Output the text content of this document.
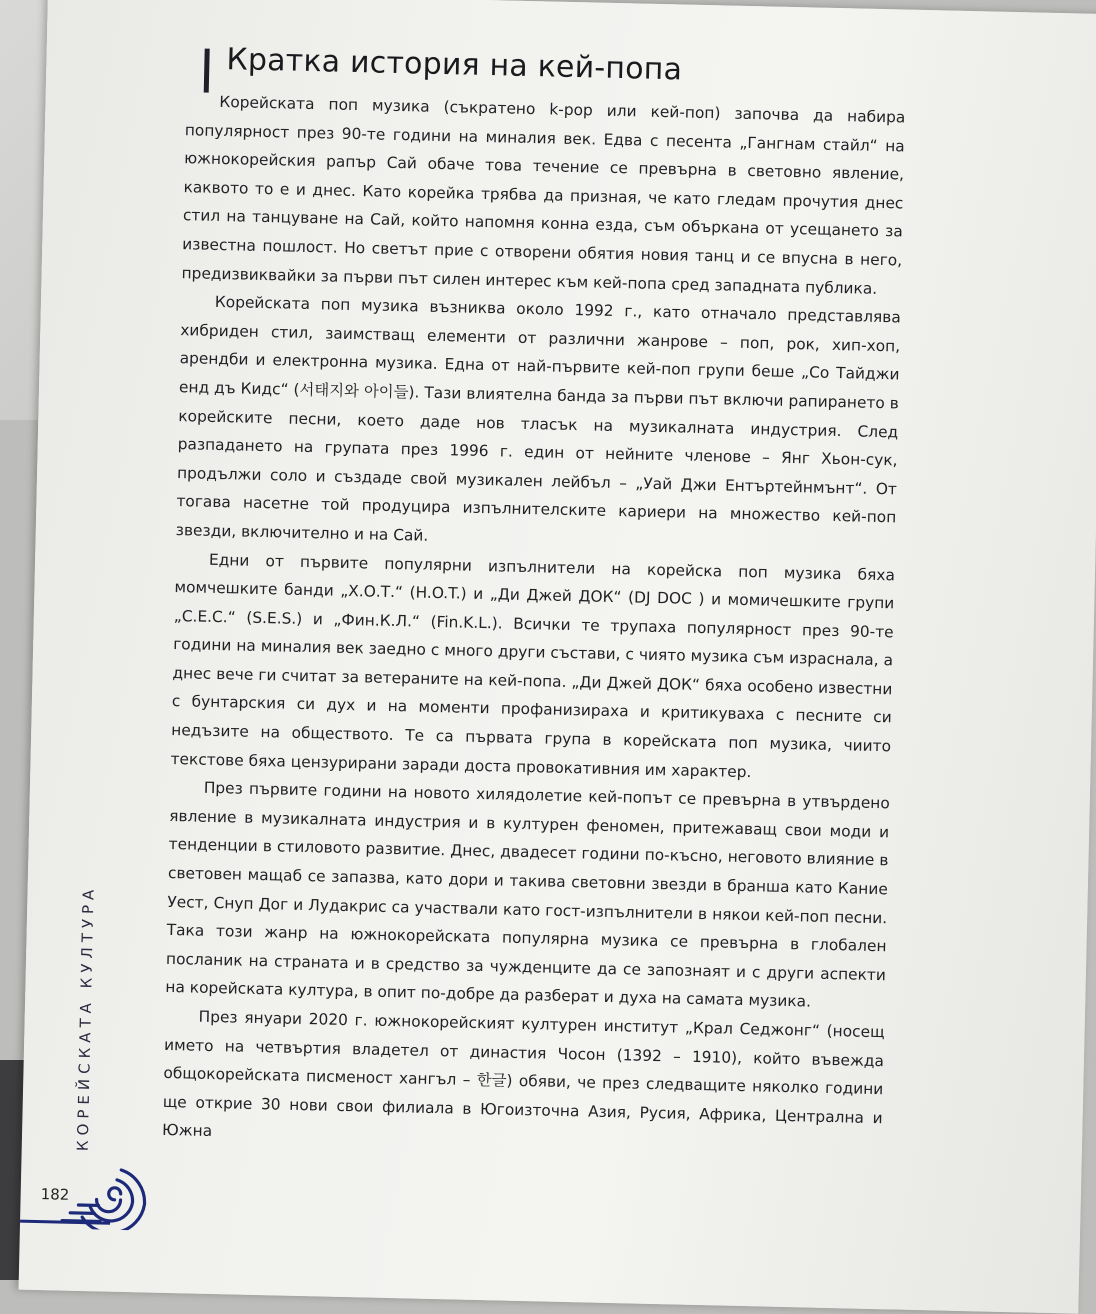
Кратка история на кей-попа

Корейската поп музика (съкратено k-pop или кей-поп) започва да набира популярност през 90-те години на миналия век. Едва с песента „Гангнам стайл“ на южнокорейския рапър Сай обаче това течение се превърна в световно явление, каквото то е и днес. Като корейка трябва да призная, че като гледам прочутия днес стил на танцуване на Сай, който напомня конна езда, съм объркана от усещането за известна пошлост. Но светът прие с отворени обятия новия танц и се впусна в него, предизвиквайки за първи път силен интерес към кей-попа сред западната публика.

Корейската поп музика възниква около 1992 г., като отначало представлява хибриден стил, заимстващ елементи от различни жанрове – поп, рок, хип-хоп, арендби и електронна музика. Една от най-първите кей-поп групи беше „Со Тайджи енд дъ Кидс“ (서태지와 아이들). Тази влиятелна банда за първи път включи рапирането в корейските песни, което даде нов тласък на музикалната индустрия. След разпадането на групата през 1996 г. един от нейните членове – Янг Хьон-сук, продължи соло и създаде свой музикален лейбъл – „Уай Джи Ентъртейнмънт“. От тогава насетне той продуцира изпълнителските кариери на множество кей-поп звезди, включително и на Сай.

Едни от първите популярни изпълнители на корейска поп музика бяха момчешките банди „Х.О.Т.“ (H.O.T.) и „Ди Джей ДОК“ (DJ DOC ) и момичешките групи „С.Е.С.“ (S.E.S.) и „Фин.К.Л.“ (Fin.K.L.). Всички те трупаха популярност през 90-те години на миналия век заедно с много други състави, с чиято музика съм израснала, а днес вече ги считат за ветераните на кей-попа. „Ди Джей ДОК“ бяха особено известни с бунтарския си дух и на моменти профанизираха и критикуваха с песните си недъзите на обществото. Те са първата група в корейската поп музика, чиито текстове бяха цензурирани заради доста провокативния им характер.

През първите години на новото хилядолетие кей-попът се превърна в утвърдено явление в музикалната индустрия и в културен феномен, притежаващ свои моди и тенденции в стиловото развитие. Днес, двадесет години по-късно, неговото влияние в световен мащаб се запазва, като дори и такива световни звезди в бранша като Кание Уест, Снуп Дог и Лудакрис са участвали като гост-изпълнители в някои кей-поп песни. Така този жанр на южнокорейската популярна музика се превърна в глобален посланик на страната и в средство за чужденците да се запознаят и с други аспекти на корейската култура, в опит по-добре да разберат и духа на самата музика.

През януари 2020 г. южнокорейският културен институт „Крал Седжонг“ (носещ името на четвъртия владетел от династия Чосон (1392 – 1910), който въвежда общокорейската писменост хангъл – 한글) обяви, че през следващите няколко години ще открие 30 нови свои филиала в Югоизточна Азия, Русия, Африка, Централна и Южна

КОРЕЙСКАТА КУЛТУРА
182
